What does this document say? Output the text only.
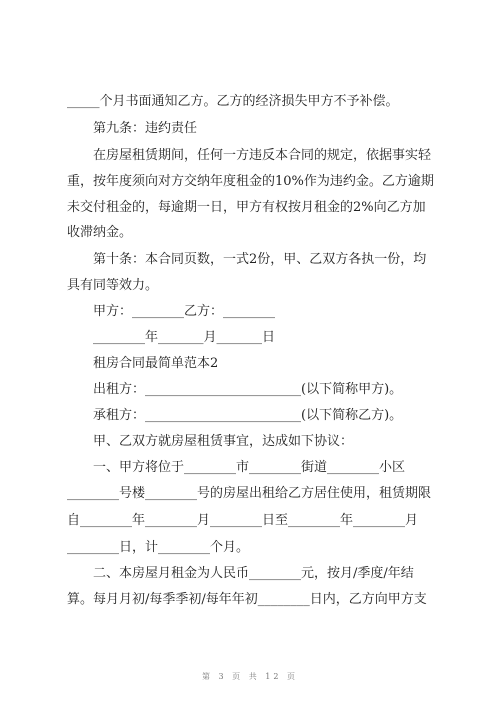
_____个月书面通知乙方。乙方的经济损失甲方不予补偿。
第九条：违约责任
在房屋租赁期间，任何一方违反本合同的规定，依据事实轻
重，按年度须向对方交纳年度租金的10%作为违约金。乙方逾期
未交付租金的，每逾期一日，甲方有权按月租金的2%向乙方加
收滞纳金。
第十条：本合同页数，一式2份，甲、乙双方各执一份，均
具有同等效力。
甲方：________乙方：________
________年_______月_______日
租房合同最简单范本2
出租方：________________________(以下简称甲方)。
承租方：________________________(以下简称乙方)。
甲、乙双方就房屋租赁事宜，达成如下协议：
一、甲方将位于________市________街道________小区
________号楼________号的房屋出租给乙方居住使用，租赁期限
自________年________月________日至________年________月
________日，计________个月。
二、本房屋月租金为人民币________元，按月/季度/年结
算。每月月初/每季季初/每年年初________日内，乙方向甲方支
第 3 页 共 12 页
